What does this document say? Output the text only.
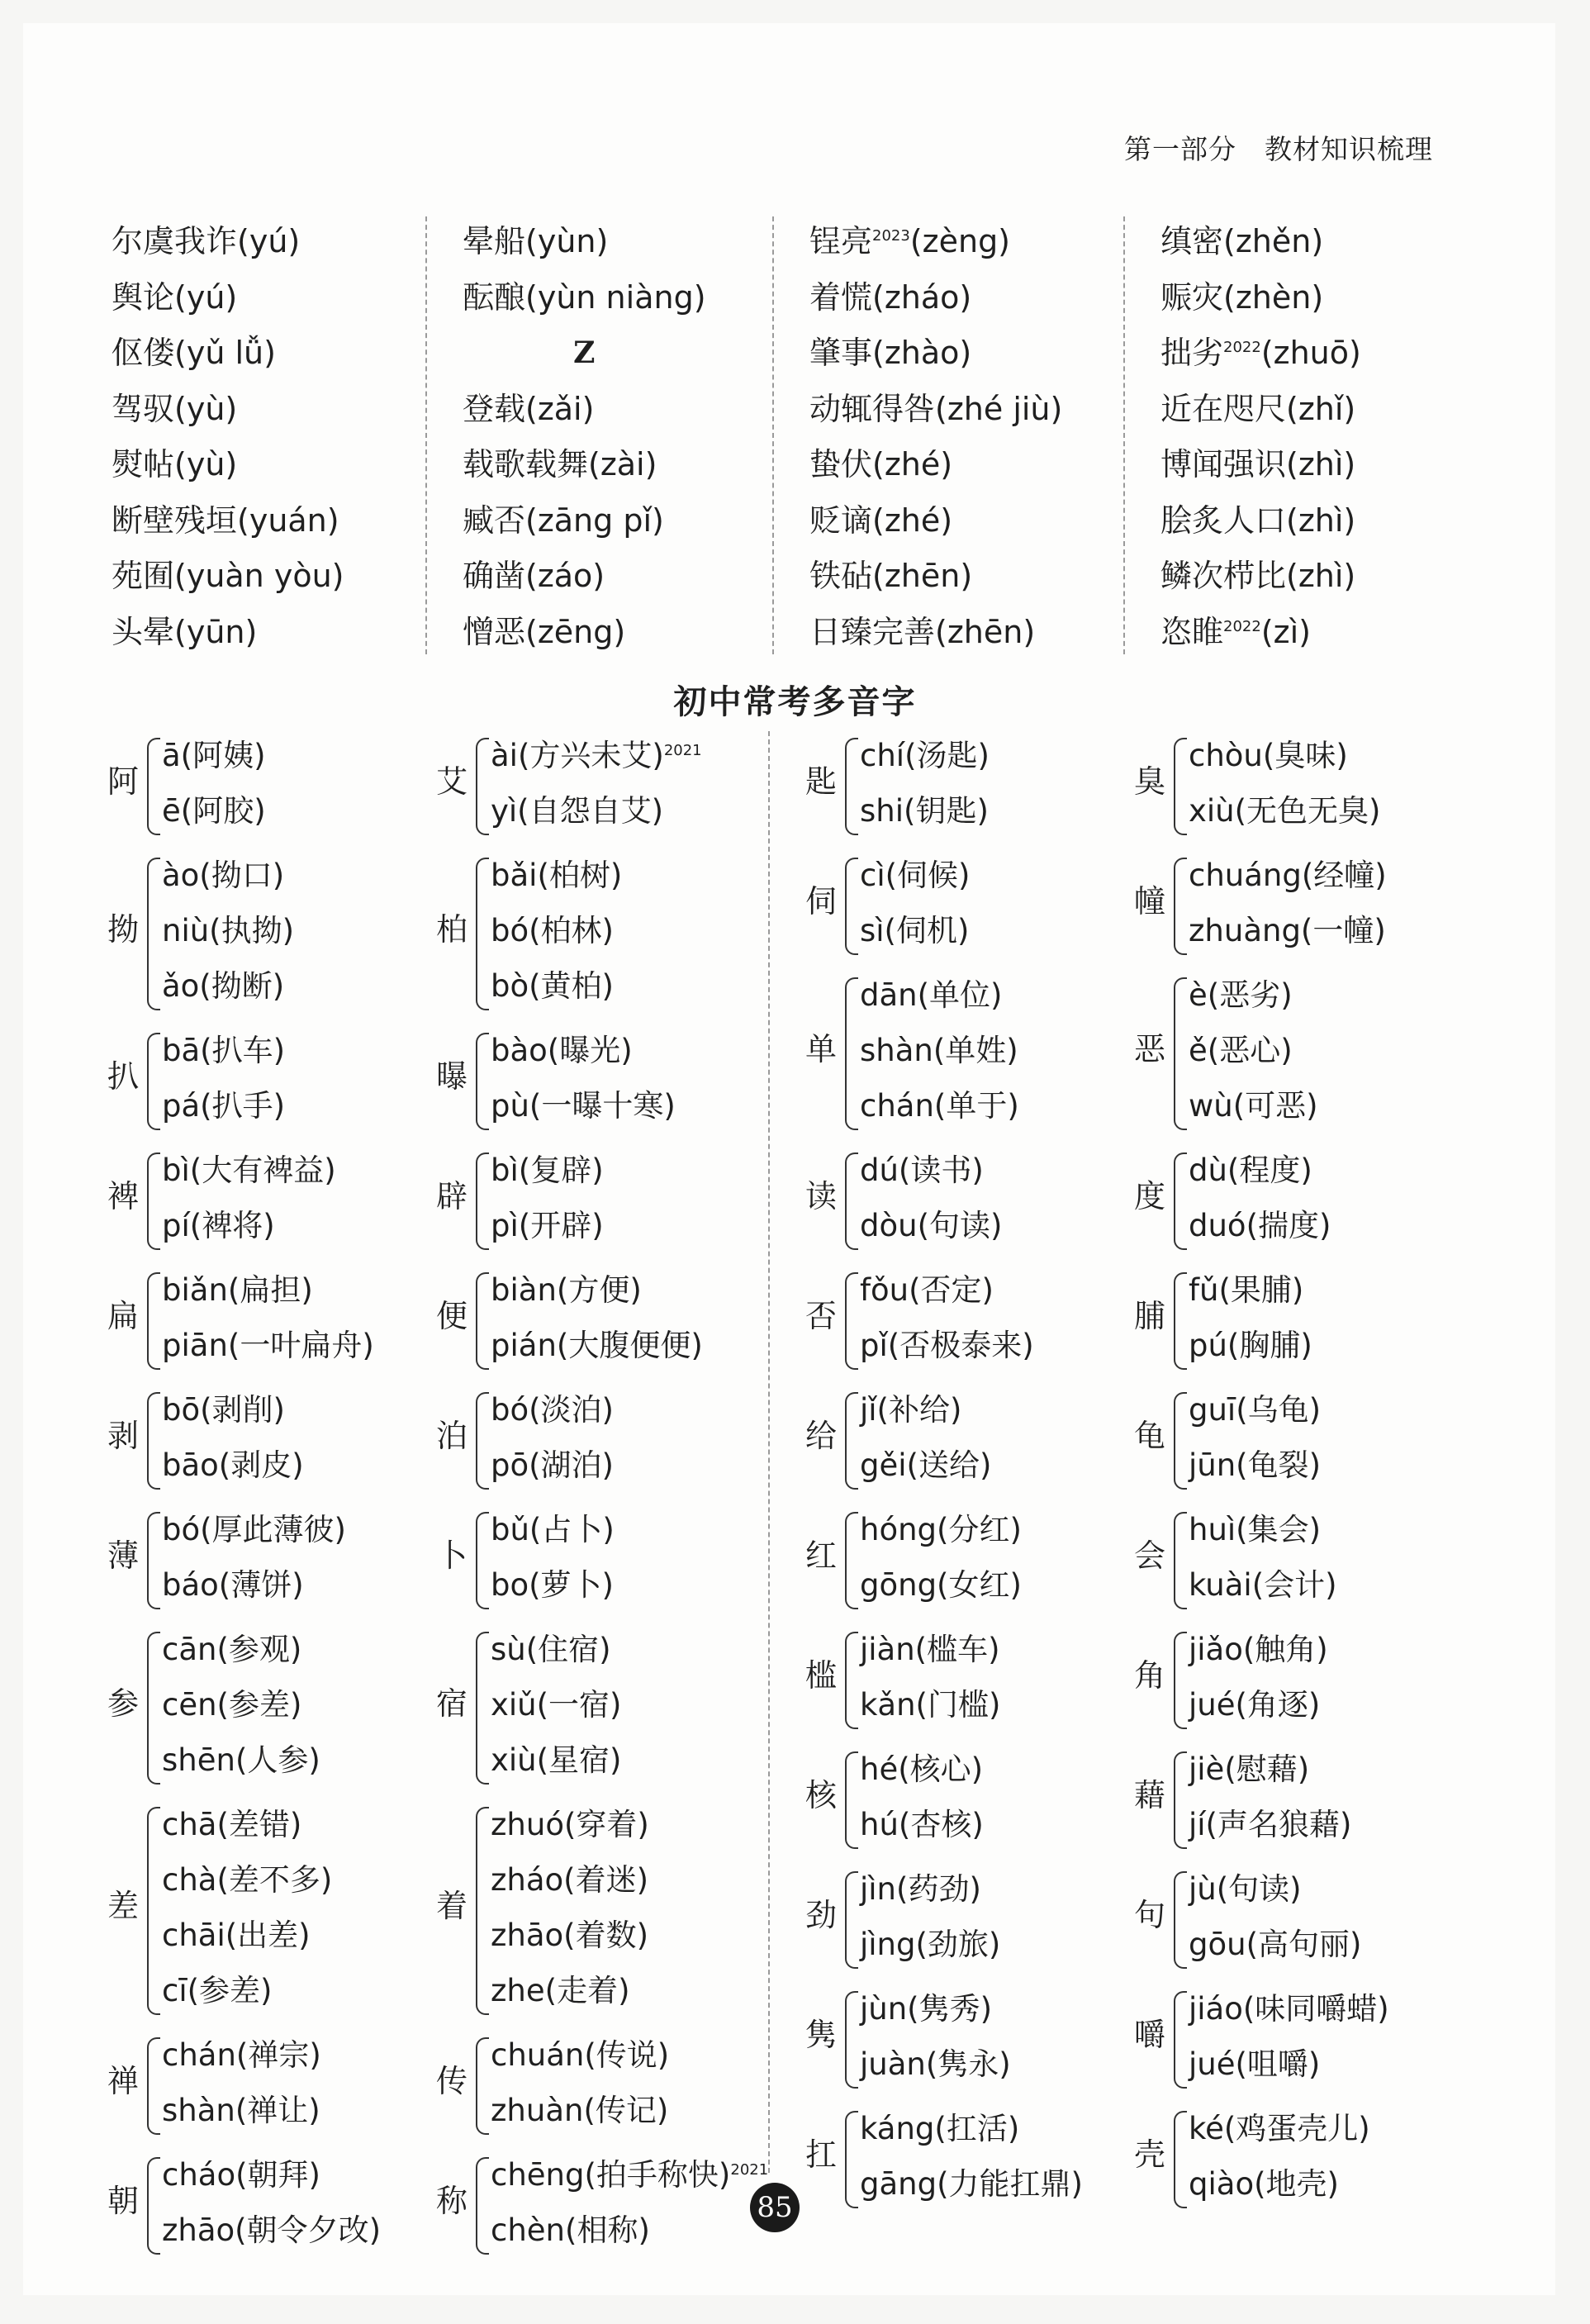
第一部分　教材知识梳理
尔虞我诈(yú)
舆论(yú)
伛偻(yǔ lǚ)
驾驭(yù)
熨帖(yù)
断壁残垣(yuán)
苑囿(yuàn yòu)
头晕(yūn)
晕船(yùn)
酝酿(yùn niàng)
Z
登载(zǎi)
载歌载舞(zài)
臧否(zāng pǐ)
确凿(záo)
憎恶(zēng)
锃亮$^{2023}$(zèng)
着慌(zháo)
肇事(zhào)
动辄得咎(zhé jiù)
蛰伏(zhé)
贬谪(zhé)
铁砧(zhēn)
日臻完善(zhēn)
缜密(zhěn)
赈灾(zhèn)
拙劣$^{2022}$(zhuō)
近在咫尺(zhǐ)
博闻强识(zhì)
脍炙人口(zhì)
鳞次栉比(zhì)
恣睢$^{2022}$(zì)
初中常考多音字
阿
ā(阿姨)
ē(阿胶)
拗
ào(拗口)
niù(执拗)
ǎo(拗断)
扒
bā(扒车)
pá(扒手)
裨
bì(大有裨益)
pí(裨将)
扁
biǎn(扁担)
piān(一叶扁舟)
剥
bō(剥削)
bāo(剥皮)
薄
bó(厚此薄彼)
báo(薄饼)
参
cān(参观)
cēn(参差)
shēn(人参)
差
chā(差错)
chà(差不多)
chāi(出差)
cī(参差)
禅
chán(禅宗)
shàn(禅让)
朝
cháo(朝拜)
zhāo(朝令夕改)
艾
ài(方兴未艾)$^{2021}$
yì(自怨自艾)
柏
bǎi(柏树)
bó(柏林)
bò(黄柏)
曝
bào(曝光)
pù(一曝十寒)
辟
bì(复辟)
pì(开辟)
便
biàn(方便)
pián(大腹便便)
泊
bó(淡泊)
pō(湖泊)
卜
bǔ(占卜)
bo(萝卜)
宿
sù(住宿)
xiǔ(一宿)
xiù(星宿)
着
zhuó(穿着)
zháo(着迷)
zhāo(着数)
zhe(走着)
传
chuán(传说)
zhuàn(传记)
称
chēng(拍手称快)$^{2021}$
chèn(相称)
匙
chí(汤匙)
shi(钥匙)
伺
cì(伺候)
sì(伺机)
单
dān(单位)
shàn(单姓)
chán(单于)
读
dú(读书)
dòu(句读)
否
fǒu(否定)
pǐ(否极泰来)
给
jǐ(补给)
gěi(送给)
红
hóng(分红)
gōng(女红)
槛
jiàn(槛车)
kǎn(门槛)
核
hé(核心)
hú(杏核)
劲
jìn(药劲)
jìng(劲旅)
隽
jùn(隽秀)
juàn(隽永)
扛
káng(扛活)
gāng(力能扛鼎)
臭
chòu(臭味)
xiù(无色无臭)
幢
chuáng(经幢)
zhuàng(一幢)
恶
è(恶劣)
ě(恶心)
wù(可恶)
度
dù(程度)
duó(揣度)
脯
fǔ(果脯)
pú(胸脯)
龟
guī(乌龟)
jūn(龟裂)
会
huì(集会)
kuài(会计)
角
jiǎo(触角)
jué(角逐)
藉
jiè(慰藉)
jí(声名狼藉)
句
jù(句读)
gōu(高句丽)
嚼
jiáo(味同嚼蜡)
jué(咀嚼)
壳
ké(鸡蛋壳儿)
qiào(地壳)
85
